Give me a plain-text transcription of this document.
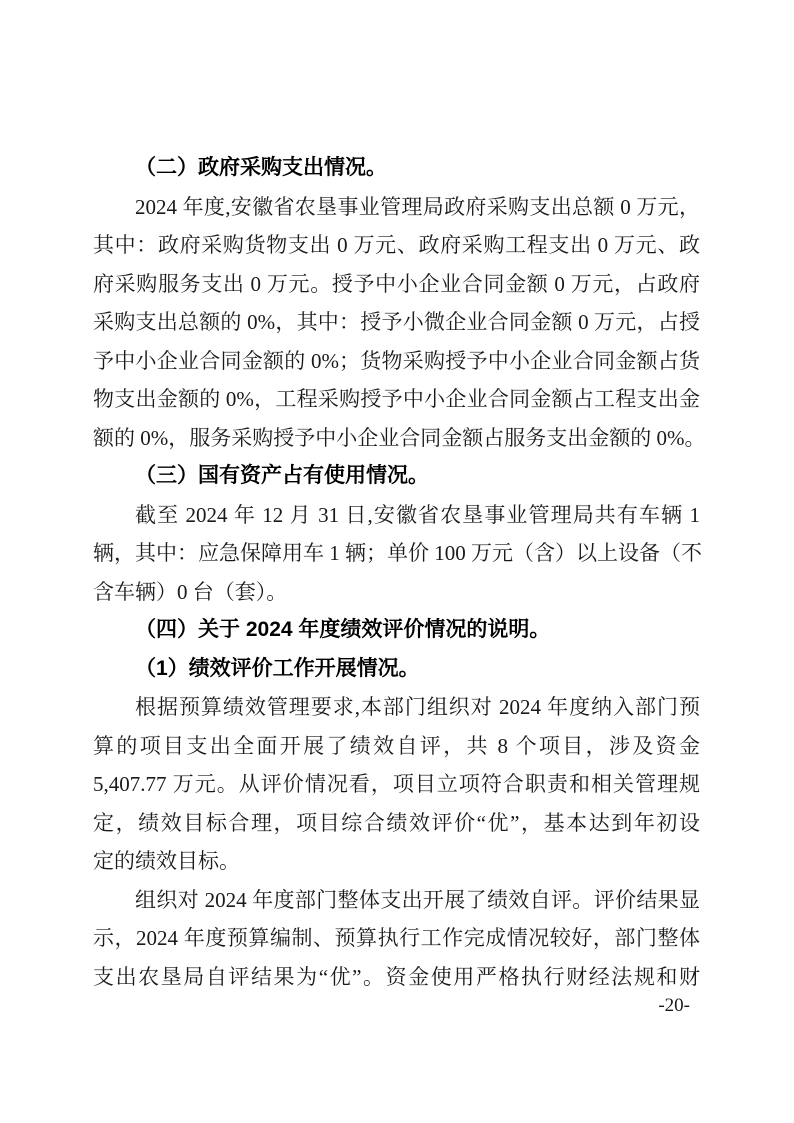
（二）政府采购支出情况。
2024 年度,安徽省农垦事业管理局政府采购支出总额 0 万元，
其中：政府采购货物支出 0 万元、政府采购工程支出 0 万元、政
府采购服务支出 0 万元。授予中小企业合同金额 0 万元，占政府
采购支出总额的 0%，其中：授予小微企业合同金额 0 万元，占授
予中小企业合同金额的 0%；货物采购授予中小企业合同金额占货
物支出金额的 0%，工程采购授予中小企业合同金额占工程支出金
额的 0%，服务采购授予中小企业合同金额占服务支出金额的 0%。
（三）国有资产占有使用情况。
截至 2024 年 12 月 31 日,安徽省农垦事业管理局共有车辆 1
辆，其中：应急保障用车 1 辆；单价 100 万元（含）以上设备（不
含车辆）0 台（套）。
（四）关于 2024 年度绩效评价情况的说明。
（1）绩效评价工作开展情况。
根据预算绩效管理要求,本部门组织对 2024 年度纳入部门预
算的项目支出全面开展了绩效自评，共 8 个项目，涉及资金
5,407.77 万元。从评价情况看，项目立项符合职责和相关管理规
定，绩效目标合理，项目综合绩效评价“优”，基本达到年初设
定的绩效目标。
组织对 2024 年度部门整体支出开展了绩效自评。评价结果显
示，2024 年度预算编制、预算执行工作完成情况较好，部门整体
支出农垦局自评结果为“优”。资金使用严格执行财经法规和财
-20-
